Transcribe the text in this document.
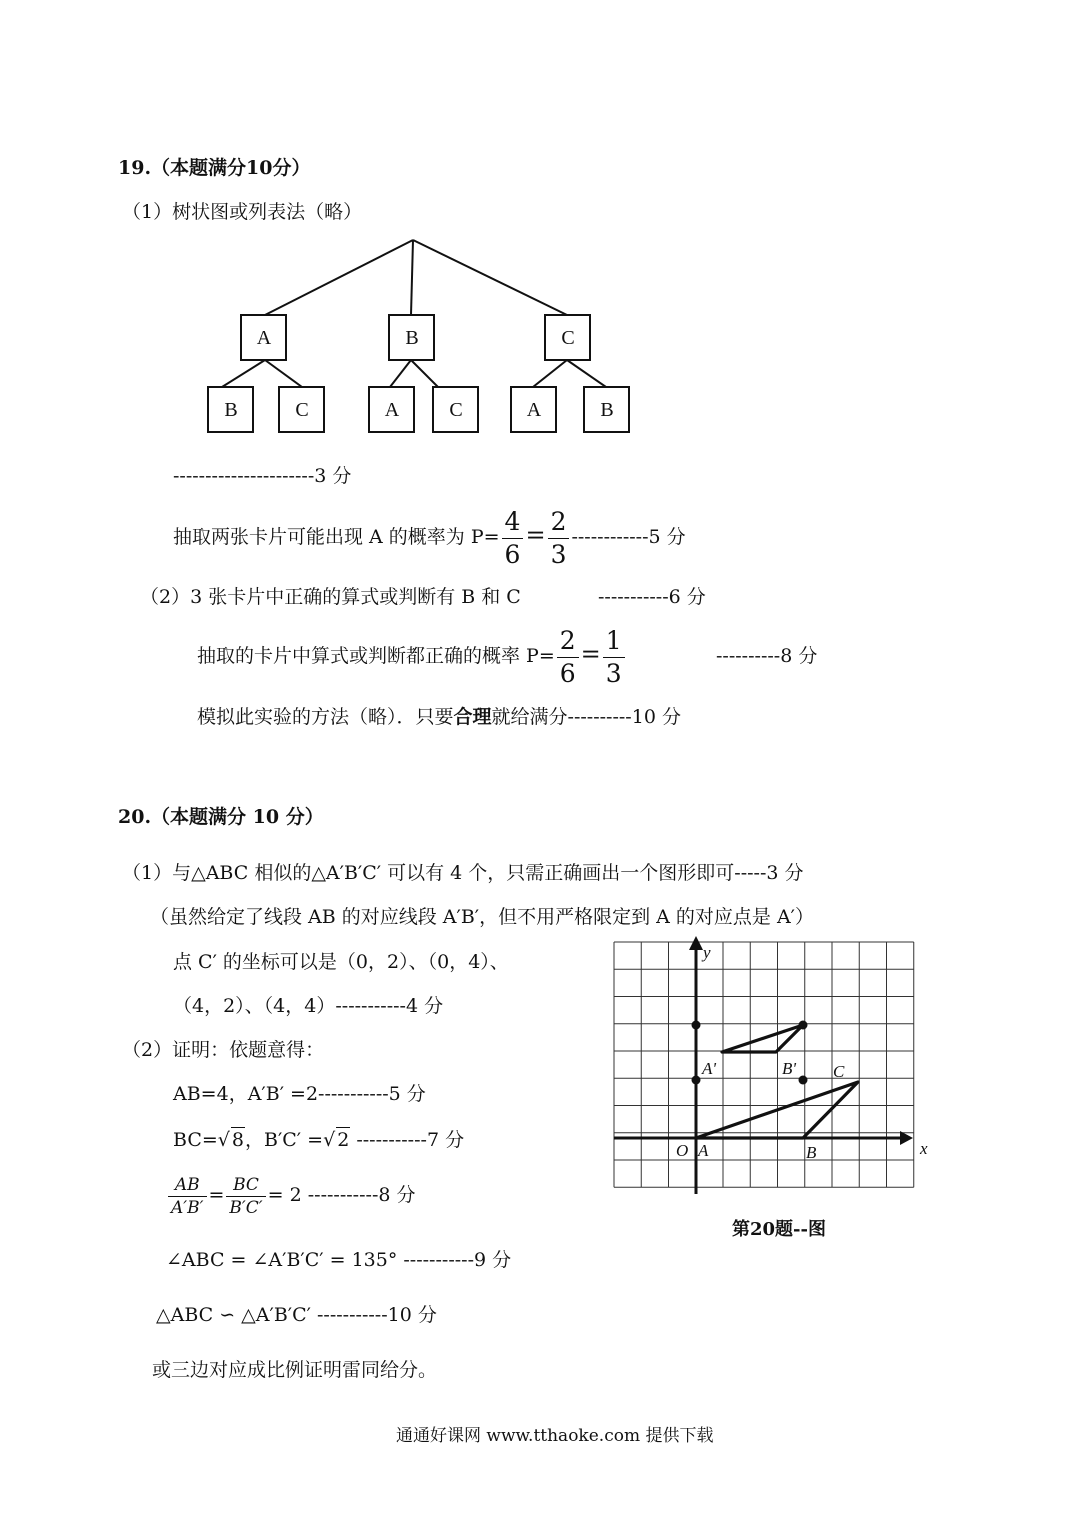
19.（本题满分10分）
（1）树状图或列表法（略）
A	B	C
B	C	A	C	A	B
----------------------3 分
抽取两张卡片可能出现 A 的概率为 $P= \frac{4}{6} = \frac{2}{3} ------------5$ 分
（2）3 张卡片中正确的算式或判断有 B 和 C	-----------6 分
抽取的卡片中算式或判断都正确的概率 $P= \frac{2}{6} = \frac{1}{3}$	----------8 分
模拟此实验的方法（略）．只要合理就给满分----------10 分
20.（本题满分 10 分）
（1）与△ABC 相似的△A′B′C′ 可以有 4 个，只需正确画出一个图形即可-----3 分
（虽然给定了线段 AB 的对应线段 A′B′，但不用严格限定到 A 的对应点是 A′）
点 C′ 的坐标可以是（0，2）、（0，4）、
（4，2）、（4，4）-----------4 分
（2）证明：依题意得：
AB=4，A′B′ =2-----------5 分
BC=√ 8，B′C′ =√ 2 -----------7 分
$\frac{AB}{A'B'} = \frac{BC}{B'C'} = 2$ -----------8 分
∠ABC = ∠A′B′C′ = 135° -----------9 分
△ABC ∽ △A′B′C′ -----------10 分
或三边对应成比例证明雷同给分。
y
x
O A	B
C
A'	B'
第20题--图
通通好课网 www.tthaoke.com 提供下载
